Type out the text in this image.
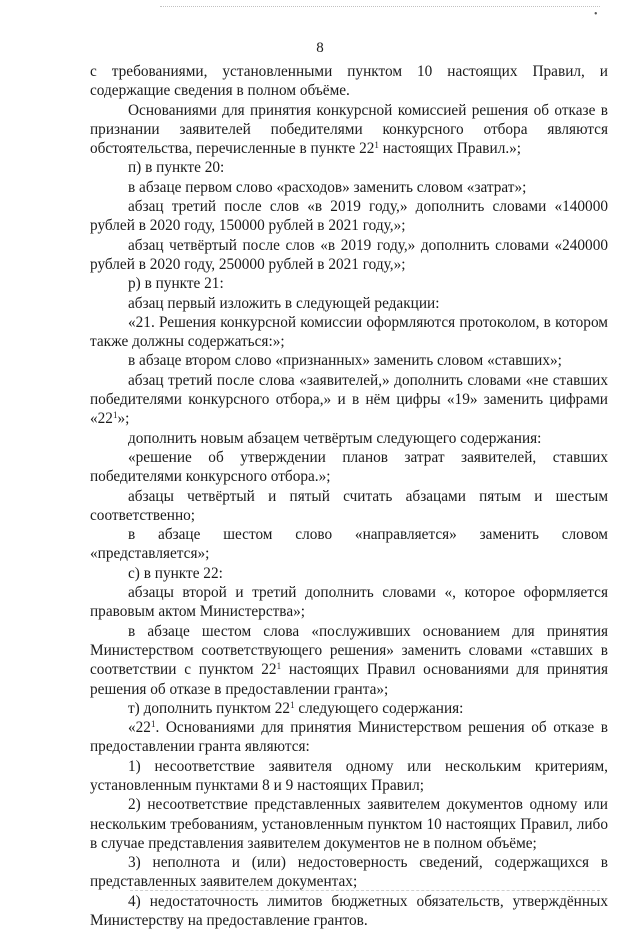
•
8

с требованиями, установленными пунктом 10 настоящих Правил, и содержащие сведения в полном объёме.

Основаниями для принятия конкурсной комиссией решения об отказе в признании заявителей победителями конкурсного отбора являются обстоятельства, перечисленные в пункте $22^1$ настоящих Правил.»;

п) в пункте 20:

в абзаце первом слово «расходов» заменить словом «затрат»;

абзац третий после слов «в 2019 году,» дополнить словами «140000 рублей в 2020 году, 150000 рублей в 2021 году,»;

абзац четвёртый после слов «в 2019 году,» дополнить словами «240000 рублей в 2020 году, 250000 рублей в 2021 году,»;

р) в пункте 21:

абзац первый изложить в следующей редакции:

«21. Решения конкурсной комиссии оформляются протоколом, в котором также должны содержаться:»;

в абзаце втором слово «признанных» заменить словом «ставших»;

абзац третий после слова «заявителей,» дополнить словами «не ставших победителями конкурсного отбора,» и в нём цифры «19» заменить цифрами «$22^1$»;

дополнить новым абзацем четвёртым следующего содержания:

«решение об утверждении планов затрат заявителей, ставших победителями конкурсного отбора.»;

абзацы четвёртый и пятый считать абзацами пятым и шестым соответственно;

в абзаце шестом слово «направляется» заменить словом «представляется»;

с) в пункте 22:

абзацы второй и третий дополнить словами «, которое оформляется правовым актом Министерства»;

в абзаце шестом слова «послуживших основанием для принятия Министерством соответствующего решения» заменить словами «ставших в соответствии с пунктом $22^1$ настоящих Правил основаниями для принятия решения об отказе в предоставлении гранта»;

т) дополнить пунктом $22^1$ следующего содержания:

«$22^1$. Основаниями для принятия Министерством решения об отказе в предоставлении гранта являются:

1) несоответствие заявителя одному или нескольким критериям, установленным пунктами 8 и 9 настоящих Правил;

2) несоответствие представленных заявителем документов одному или нескольким требованиям, установленным пунктом 10 настоящих Правил, либо в случае представления заявителем документов не в полном объёме;

3) неполнота и (или) недостоверность сведений, содержащихся в представленных заявителем документах;

4) недостаточность лимитов бюджетных обязательств, утверждённых Министерству на предоставление грантов.
